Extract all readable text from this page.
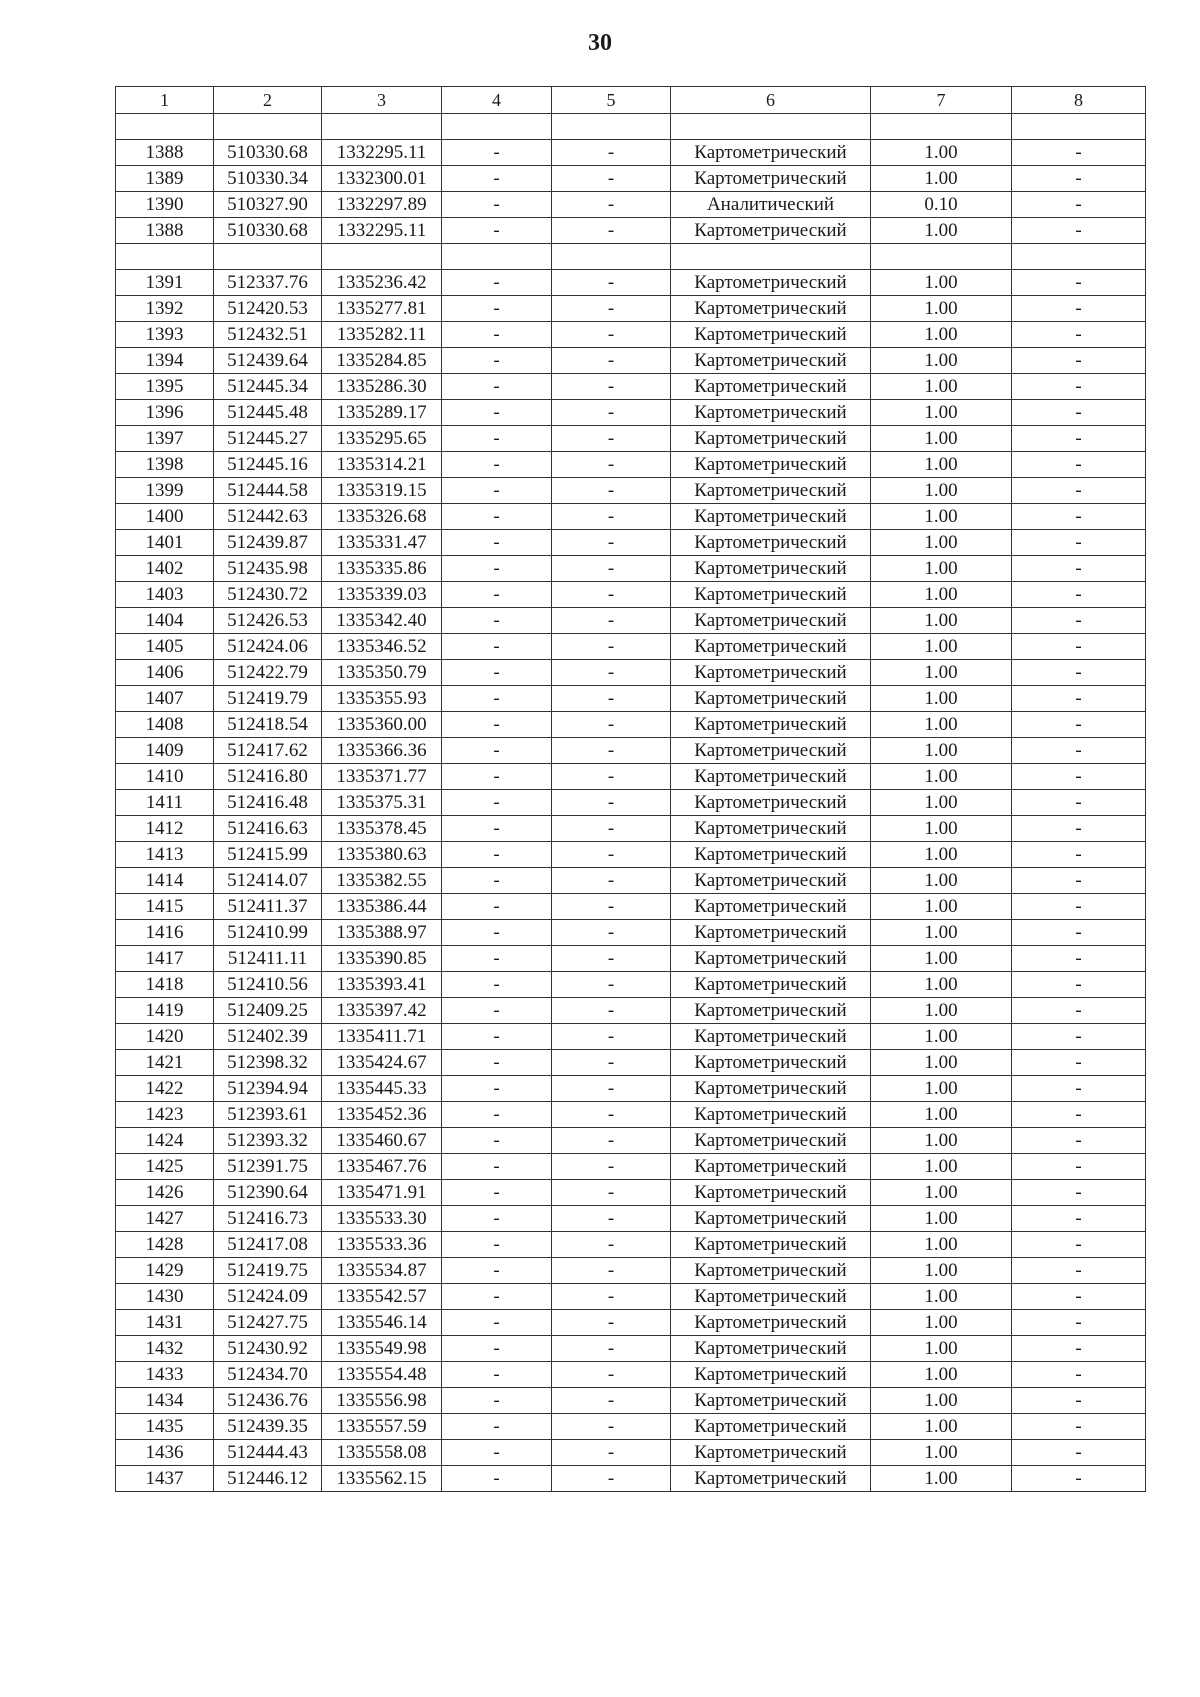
30
1	2	3	4	5	6	7	8

1388	510330.68	1332295.11	-	-	Картометрический	1.00	-
1389	510330.34	1332300.01	-	-	Картометрический	1.00	-
1390	510327.90	1332297.89	-	-	Аналитический	0.10	-
1388	510330.68	1332295.11	-	-	Картометрический	1.00	-

1391	512337.76	1335236.42	-	-	Картометрический	1.00	-
1392	512420.53	1335277.81	-	-	Картометрический	1.00	-
1393	512432.51	1335282.11	-	-	Картометрический	1.00	-
1394	512439.64	1335284.85	-	-	Картометрический	1.00	-
1395	512445.34	1335286.30	-	-	Картометрический	1.00	-
1396	512445.48	1335289.17	-	-	Картометрический	1.00	-
1397	512445.27	1335295.65	-	-	Картометрический	1.00	-
1398	512445.16	1335314.21	-	-	Картометрический	1.00	-
1399	512444.58	1335319.15	-	-	Картометрический	1.00	-
1400	512442.63	1335326.68	-	-	Картометрический	1.00	-
1401	512439.87	1335331.47	-	-	Картометрический	1.00	-
1402	512435.98	1335335.86	-	-	Картометрический	1.00	-
1403	512430.72	1335339.03	-	-	Картометрический	1.00	-
1404	512426.53	1335342.40	-	-	Картометрический	1.00	-
1405	512424.06	1335346.52	-	-	Картометрический	1.00	-
1406	512422.79	1335350.79	-	-	Картометрический	1.00	-
1407	512419.79	1335355.93	-	-	Картометрический	1.00	-
1408	512418.54	1335360.00	-	-	Картометрический	1.00	-
1409	512417.62	1335366.36	-	-	Картометрический	1.00	-
1410	512416.80	1335371.77	-	-	Картометрический	1.00	-
1411	512416.48	1335375.31	-	-	Картометрический	1.00	-
1412	512416.63	1335378.45	-	-	Картометрический	1.00	-
1413	512415.99	1335380.63	-	-	Картометрический	1.00	-
1414	512414.07	1335382.55	-	-	Картометрический	1.00	-
1415	512411.37	1335386.44	-	-	Картометрический	1.00	-
1416	512410.99	1335388.97	-	-	Картометрический	1.00	-
1417	512411.11	1335390.85	-	-	Картометрический	1.00	-
1418	512410.56	1335393.41	-	-	Картометрический	1.00	-
1419	512409.25	1335397.42	-	-	Картометрический	1.00	-
1420	512402.39	1335411.71	-	-	Картометрический	1.00	-
1421	512398.32	1335424.67	-	-	Картометрический	1.00	-
1422	512394.94	1335445.33	-	-	Картометрический	1.00	-
1423	512393.61	1335452.36	-	-	Картометрический	1.00	-
1424	512393.32	1335460.67	-	-	Картометрический	1.00	-
1425	512391.75	1335467.76	-	-	Картометрический	1.00	-
1426	512390.64	1335471.91	-	-	Картометрический	1.00	-
1427	512416.73	1335533.30	-	-	Картометрический	1.00	-
1428	512417.08	1335533.36	-	-	Картометрический	1.00	-
1429	512419.75	1335534.87	-	-	Картометрический	1.00	-
1430	512424.09	1335542.57	-	-	Картометрический	1.00	-
1431	512427.75	1335546.14	-	-	Картометрический	1.00	-
1432	512430.92	1335549.98	-	-	Картометрический	1.00	-
1433	512434.70	1335554.48	-	-	Картометрический	1.00	-
1434	512436.76	1335556.98	-	-	Картометрический	1.00	-
1435	512439.35	1335557.59	-	-	Картометрический	1.00	-
1436	512444.43	1335558.08	-	-	Картометрический	1.00	-
1437	512446.12	1335562.15	-	-	Картометрический	1.00	-
